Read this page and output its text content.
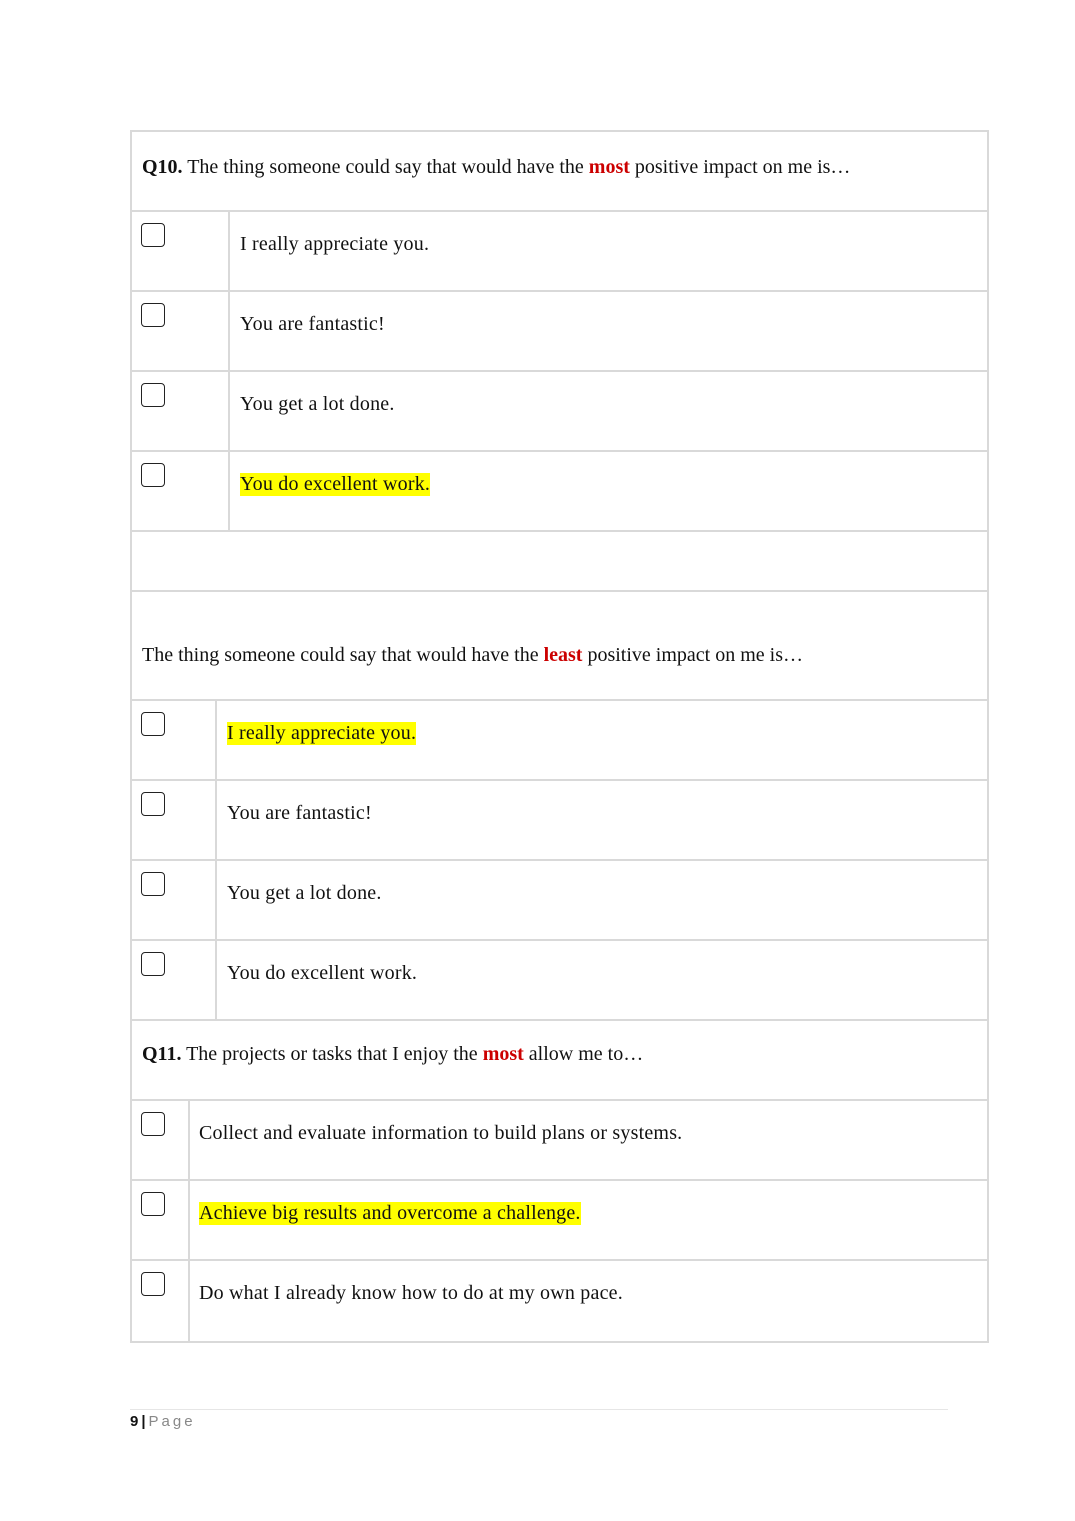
Q10. The thing someone could say that would have the most positive impact on me is…
I really appreciate you.
You are fantastic!
You get a lot done.
You do excellent work.
The thing someone could say that would have the least positive impact on me is…
I really appreciate you.
You are fantastic!
You get a lot done.
You do excellent work.
Q11. The projects or tasks that I enjoy the most allow me to…
Collect and evaluate information to build plans or systems.
Achieve big results and overcome a challenge.
Do what I already know how to do at my own pace.
9 | Page
